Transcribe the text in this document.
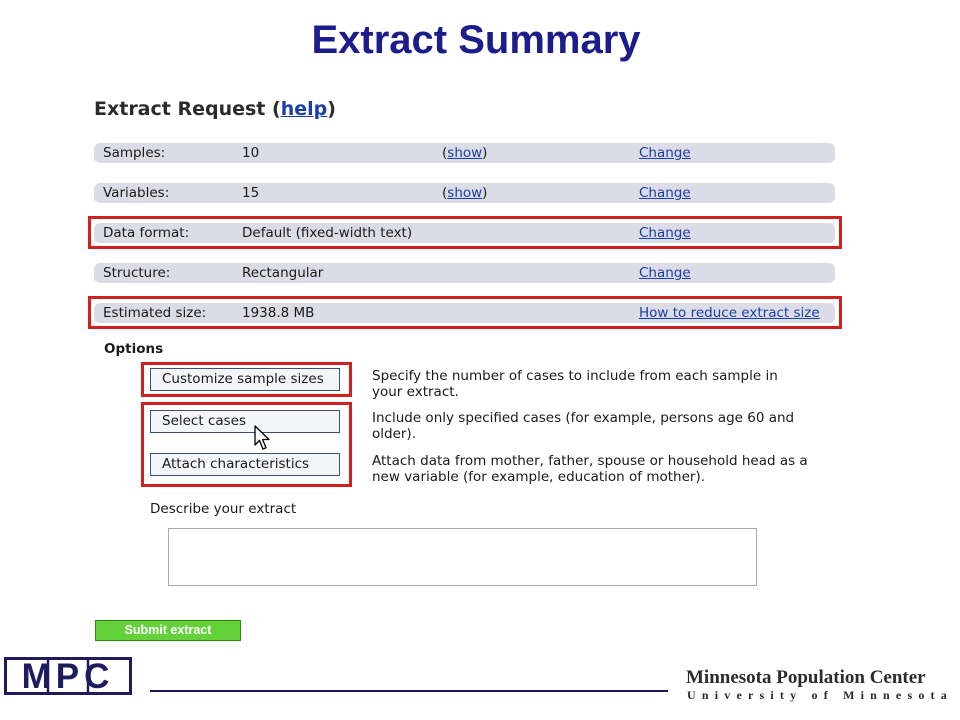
Extract Summary
Extract Request (help)
Samples:	10	(show)	Change
Variables:	15	(show)	Change
Data format:	Default (fixed-width text)	Change
Structure:	Rectangular	Change
Estimated size:	1938.8 MB	How to reduce extract size
Options
Customize sample sizes	Specify the number of cases to include from each sample in your extract.
Select cases	Include only specified cases (for example, persons age 60 and older).
Attach characteristics	Attach data from mother, father, spouse or household head as a new variable (for example, education of mother).
Describe your extract
Submit extract
MPC	Minnesota Population Center
University of Minnesota
